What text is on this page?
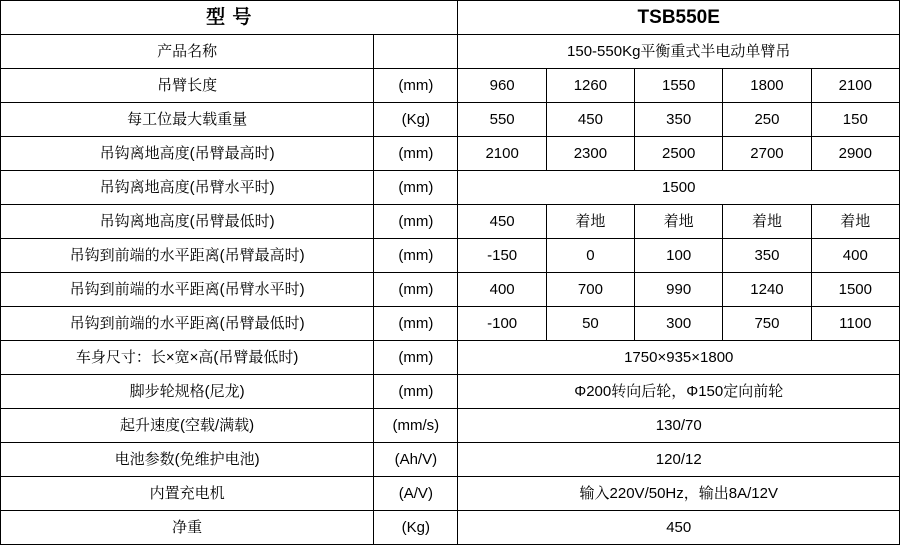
型 号		TSB550E				
产品名称		150-550Kg平衡重式半电动单臂吊				
吊臂长度	(mm)	960	1260	1550	1800	2100
每工位最大载重量	(Kg)	550	450	350	250	150
吊钩离地高度(吊臂最高时)	(mm)	2100	2300	2500	2700	2900
吊钩离地高度(吊臂水平时)	(mm)	1500				
吊钩离地高度(吊臂最低时)	(mm)	450	着地	着地	着地	着地
吊钩到前端的水平距离(吊臂最高时)	(mm)	-150	0	100	350	400
吊钩到前端的水平距离(吊臂水平时)	(mm)	400	700	990	1240	1500
吊钩到前端的水平距离(吊臂最低时)	(mm)	-100	50	300	750	1100
车身尺寸：长×宽×高(吊臂最低时)	(mm)	1750×935×1800				
脚步轮规格(尼龙)	(mm)	Φ200转向后轮，Φ150定向前轮				
起升速度(空载/满载)	(mm/s)	130/70				
电池参数(免维护电池)	(Ah/V)	120/12				
内置充电机	(A/V)	输入220V/50Hz，输出8A/12V				
净重	(Kg)	450				
